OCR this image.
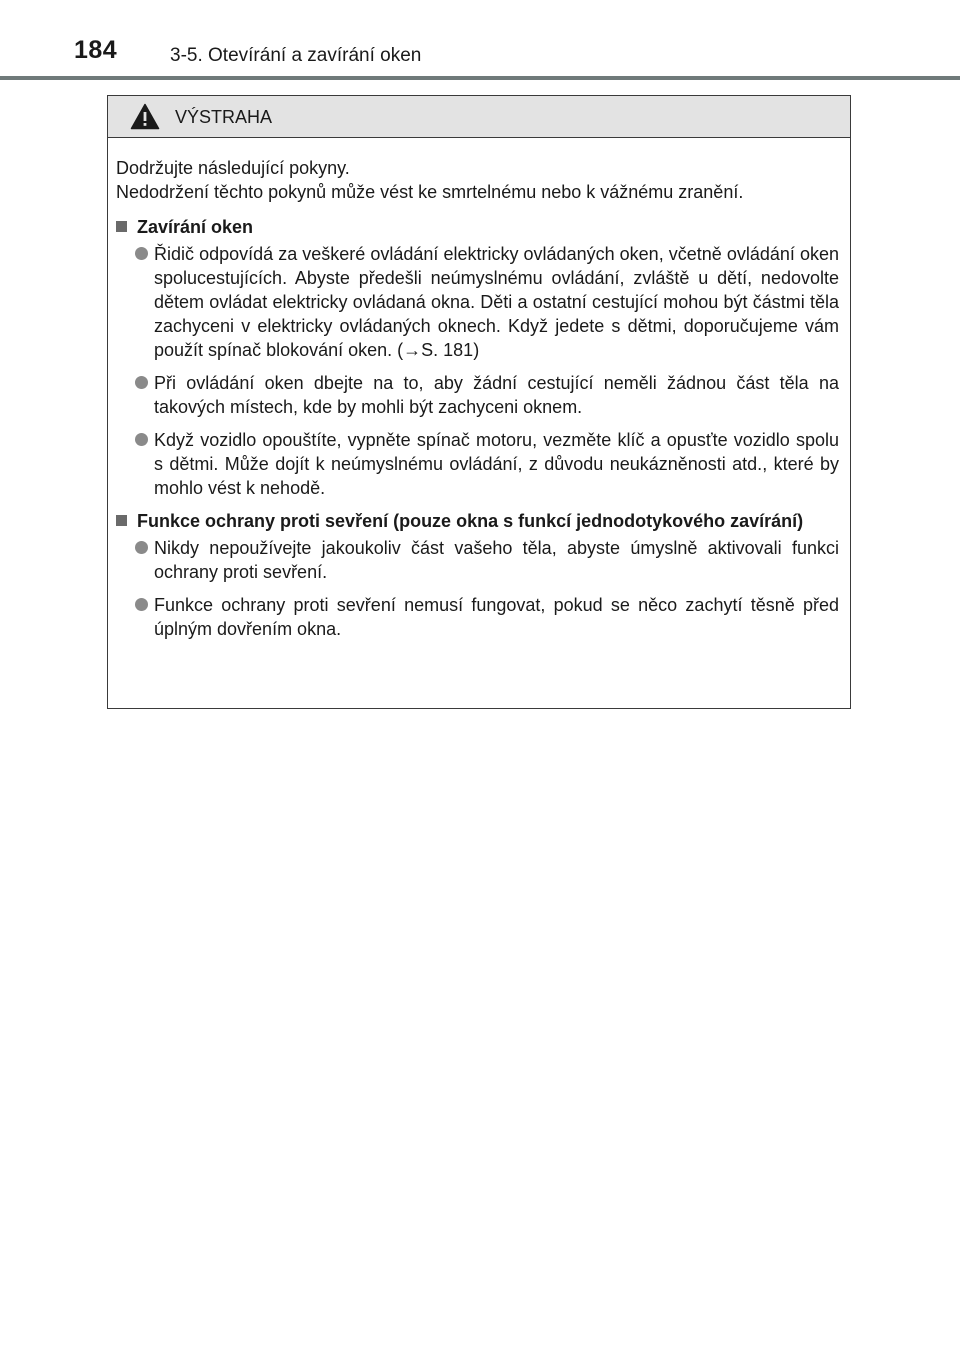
184	3-5. Otevírání a zavírání oken
VÝSTRAHA

Dodržujte následující pokyny.

Nedodržení těchto pokynů může vést ke smrtelnému nebo k vážnému zranění.

Zavírání oken
Řidič odpovídá za veškeré ovládání elektricky ovládaných oken, včetně ovládání oken spolucestujících. Abyste předešli neúmyslnému ovládání, zvláště u dětí, nedovolte dětem ovládat elektricky ovládaná okna. Děti a ostatní cestující mohou být částmi těla zachyceni v elektricky ovládaných oknech. Když jedete s dětmi, doporučujeme vám použít spínač blokování oken. (→S. 181)
Při ovládání oken dbejte na to, aby žádní cestující neměli žádnou část těla na takových místech, kde by mohli být zachyceni oknem.
Když vozidlo opouštíte, vypněte spínač motoru, vezměte klíč a opusťte vozidlo spolu s dětmi. Může dojít k neúmyslnému ovládání, z důvodu neukázněnosti atd., které by mohlo vést k nehodě.
Funkce ochrany proti sevření (pouze okna s funkcí jednodotykového zavírání)
Nikdy nepoužívejte jakoukoliv část vašeho těla, abyste úmyslně aktivovali funkci ochrany proti sevření.
Funkce ochrany proti sevření nemusí fungovat, pokud se něco zachytí těsně před úplným dovřením okna.
